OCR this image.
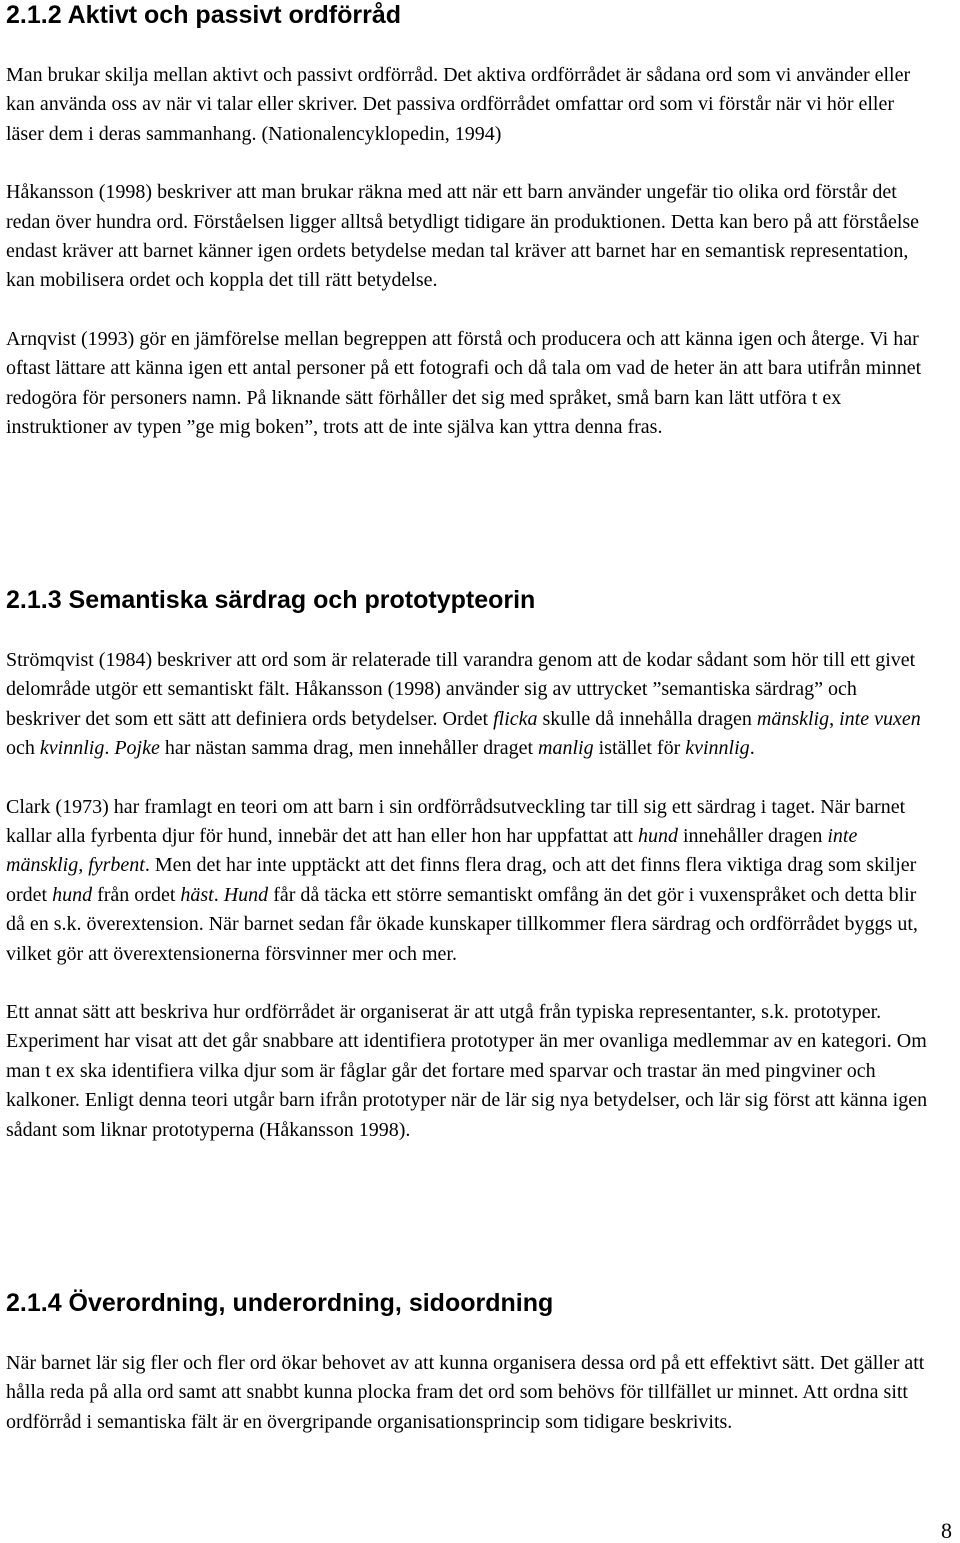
2.1.2 Aktivt och passivt ordförråd

Man brukar skilja mellan aktivt och passivt ordförråd. Det aktiva ordförrådet är sådana ord som vi använder eller kan använda oss av när vi talar eller skriver. Det passiva ordförrådet omfattar ord som vi förstår när vi hör eller läser dem i deras sammanhang. (Nationalencyklopedin, 1994)

Håkansson (1998) beskriver att man brukar räkna med att när ett barn använder ungefär tio olika ord förstår det redan över hundra ord. Förståelsen ligger alltså betydligt tidigare än produktionen. Detta kan bero på att förståelse endast kräver att barnet känner igen ordets betydelse medan tal kräver att barnet har en semantisk representation, kan mobilisera ordet och koppla det till rätt betydelse.

Arnqvist (1993) gör en jämförelse mellan begreppen att förstå och producera och att känna igen och återge. Vi har oftast lättare att känna igen ett antal personer på ett fotografi och då tala om vad de heter än att bara utifrån minnet redogöra för personers namn. På liknande sätt förhåller det sig med språket, små barn kan lätt utföra t ex instruktioner av typen ”ge mig boken”, trots att de inte själva kan yttra denna fras.

2.1.3 Semantiska särdrag och prototypteorin

Strömqvist (1984) beskriver att ord som är relaterade till varandra genom att de kodar sådant som hör till ett givet delområde utgör ett semantiskt fält. Håkansson (1998) använder sig av uttrycket ”semantiska särdrag” och beskriver det som ett sätt att definiera ords betydelser. Ordet flicka skulle då innehålla dragen mänsklig, inte vuxen och kvinnlig. Pojke har nästan samma drag, men innehåller draget manlig istället för kvinnlig.

Clark (1973) har framlagt en teori om att barn i sin ordförrådsutveckling tar till sig ett särdrag i taget. När barnet kallar alla fyrbenta djur för hund, innebär det att han eller hon har uppfattat att hund innehåller dragen inte mänsklig, fyrbent. Men det har inte upptäckt att det finns flera drag, och att det finns flera viktiga drag som skiljer ordet hund från ordet häst. Hund får då täcka ett större semantiskt omfång än det gör i vuxenspråket och detta blir då en s.k. överextension. När barnet sedan får ökade kunskaper tillkommer flera särdrag och ordförrådet byggs ut, vilket gör att överextensionerna försvinner mer och mer.

Ett annat sätt att beskriva hur ordförrådet är organiserat är att utgå från typiska representanter, s.k. prototyper. Experiment har visat att det går snabbare att identifiera prototyper än mer ovanliga medlemmar av en kategori. Om man t ex ska identifiera vilka djur som är fåglar går det fortare med sparvar och trastar än med pingviner och kalkoner. Enligt denna teori utgår barn ifrån prototyper när de lär sig nya betydelser, och lär sig först att känna igen sådant som liknar prototyperna (Håkansson 1998).

2.1.4 Överordning, underordning, sidoordning

När barnet lär sig fler och fler ord ökar behovet av att kunna organisera dessa ord på ett effektivt sätt. Det gäller att hålla reda på alla ord samt att snabbt kunna plocka fram det ord som behövs för tillfället ur minnet. Att ordna sitt ordförråd i semantiska fält är en övergripande organisationsprincip som tidigare beskrivits.

8
